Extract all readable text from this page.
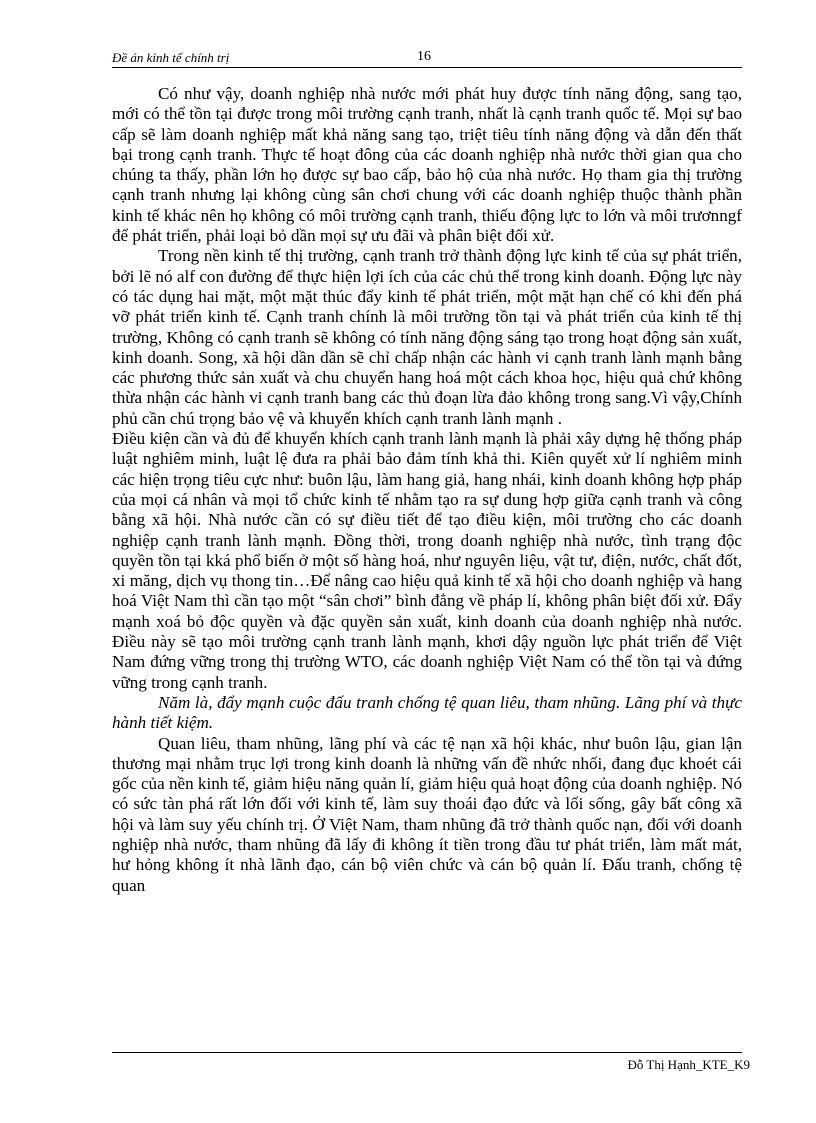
Đề án kinh tế chính trị	16

Có như vậy, doanh nghiệp nhà nước mới phát huy được tính năng động, sang tạo, mới có thể tồn tại được trong môi trường cạnh tranh, nhất là cạnh tranh quốc tế. Mọi sự bao cấp sẽ làm doanh nghiệp mất khả năng sang tạo, triệt tiêu tính năng động và dẫn đến thất bại trong cạnh tranh. Thực tế hoạt đông của các doanh nghiệp nhà nước thời gian qua cho chúng ta thấy, phần lớn họ được sự bao cấp, bảo hộ của nhà nước. Họ tham gia thị trường cạnh tranh nhưng lại không cùng sân chơi chung với các doanh nghiệp thuộc thành phần kinh tế khác nên họ không có môi trường cạnh tranh, thiếu động lực to lớn và môi trươnngf để phát triển, phải loại bỏ dần mọi sự ưu đãi và phân biệt đối xử.

Trong nền kinh tế thị trường, cạnh tranh trở thành động lực kinh tế của sự phát triển, bởi lẽ nó alf con đường để thực hiện lợi ích của các chủ thể trong kinh doanh. Động lực này có tác dụng hai mặt, một mặt thúc đẩy kinh tế phát triển, một mặt hạn chế có khi đến phá vỡ phát triển kinh tế. Cạnh tranh chính là môi trường tồn tại và phát triển của kinh tế thị trường, Không có cạnh tranh sẽ không có tính năng động sáng tạo trong hoạt động sản xuất, kinh doanh. Song, xã hội dần dần sẽ chỉ chấp nhận các hành vi cạnh tranh lành mạnh bằng các phương thức sản xuất và chu chuyển hang hoá một cách khoa học, hiệu quả chứ không thừa nhận các hành vi cạnh tranh bang các thủ đoạn lừa đảo không trong sang.Vì vậy,Chính phủ cần chú trọng bảo vệ và khuyến khích cạnh tranh lành mạnh .

Điều kiện cần và đủ để khuyến khích cạnh tranh lành mạnh là phải xây dựng hệ thống pháp luật nghiêm minh, luật lệ đưa ra phải bảo đảm tính khả thi. Kiên quyết xử lí nghiêm minh các hiện trọng tiêu cực như: buôn lậu, làm hang giả, hang nhái, kinh doanh không hợp pháp của mọi cá nhân và mọi tổ chức kinh tế nhằm tạo ra sự dung hợp giữa cạnh tranh và công bằng xã hội. Nhà nước cần có sự điều tiết để tạo điều kiện, môi trường cho các doanh nghiệp cạnh tranh lành mạnh. Đồng thời, trong doanh nghiệp nhà nước, tình trạng độc quyền tồn tại kká phổ biến ở một số hàng hoá, như nguyên liệu, vật tư, điện, nước, chất đốt, xi măng, dịch vụ thong tin…Để nâng cao hiệu quả kinh tế xã hội cho doanh nghiệp và hang hoá Việt Nam thì cần tạo một “sân chơi” bình đẳng về pháp lí, không phân biệt đối xử. Đẩy mạnh xoá bỏ độc quyền và đặc quyền sản xuất, kinh doanh của doanh nghiệp nhà nước. Điều này sẽ tạo môi trường cạnh tranh lành mạnh, khơi dậy nguồn lực phát triển để Việt Nam đứng vững trong thị trường WTO, các doanh nghiệp Việt Nam có thể tồn tại và đứng vững trong cạnh tranh.

Năm là, đẩy mạnh cuộc đấu tranh chống tệ quan liêu, tham nhũng. Lãng phí và thực hành tiết kiệm.

Quan liêu, tham nhũng, lãng phí và các tệ nạn xã hội khác, như buôn lậu, gian lận thương mại nhằm trục lợi trong kinh doanh là những vấn đề nhức nhối, đang đục khoét cái gốc của nền kinh tế, giảm hiệu năng quản lí, giảm hiệu quả hoạt động của doanh nghiệp. Nó có sức tàn phá rất lớn đối với kinh tế, làm suy thoái đạo đức và lối sống, gây bất công xã hội và làm suy yếu chính trị. Ở Việt Nam, tham nhũng đã trở thành quốc nạn, đối với doanh nghiệp nhà nước, tham nhũng đã lấy đi không ít tiền trong đầu tư phát triển, làm mất mát, hư hỏng không ít nhà lãnh đạo, cán bộ viên chức và cán bộ quản lí. Đấu tranh, chống tệ quan

Đỗ Thị Hạnh_KTE_K9
